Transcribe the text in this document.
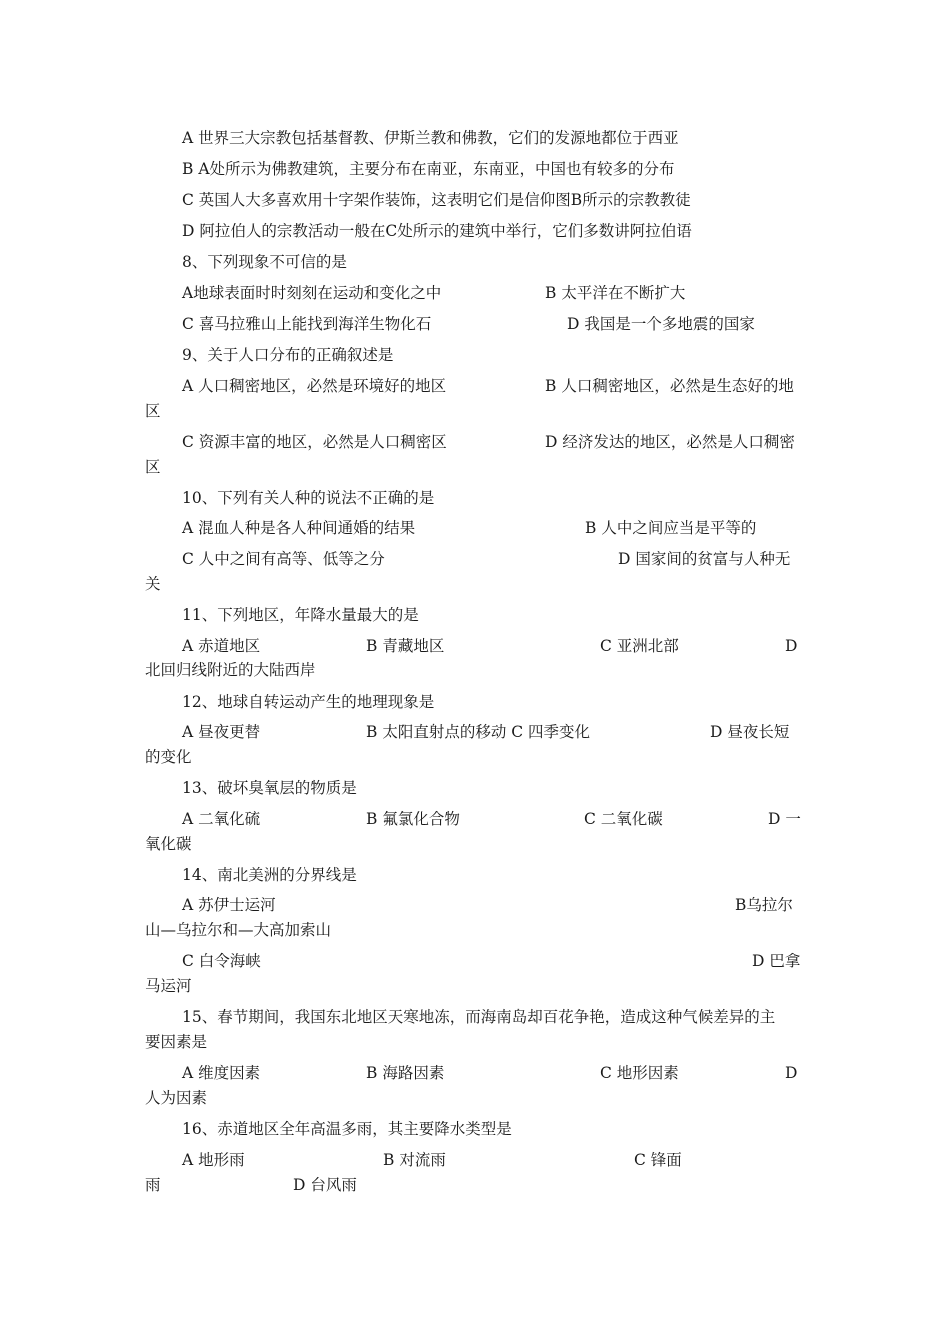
A 世界三大宗教包括基督教、伊斯兰教和佛教，它们的发源地都位于西亚
B A处所示为佛教建筑，主要分布在南亚，东南亚，中国也有较多的分布
C 英国人大多喜欢用十字架作装饰，这表明它们是信仰图B所示的宗教教徒
D 阿拉伯人的宗教活动一般在C处所示的建筑中举行，它们多数讲阿拉伯语
8、下列现象不可信的是
A地球表面时时刻刻在运动和变化之中	B 太平洋在不断扩大
C 喜马拉雅山上能找到海洋生物化石	D 我国是一个多地震的国家
9、关于人口分布的正确叙述是
A 人口稠密地区，必然是环境好的地区	B 人口稠密地区，必然是生态好的地
区
C 资源丰富的地区，必然是人口稠密区	D 经济发达的地区，必然是人口稠密
区
10、下列有关人种的说法不正确的是
A 混血人种是各人种间通婚的结果	B 人中之间应当是平等的
C 人中之间有高等、低等之分	D 国家间的贫富与人种无
关
11、下列地区，年降水量最大的是
A 赤道地区	B 青藏地区	C 亚洲北部	D
北回归线附近的大陆西岸
12、地球自转运动产生的地理现象是
A 昼夜更替	B 太阳直射点的移动 C 四季变化	D 昼夜长短
的变化
13、破坏臭氧层的物质是
A 二氧化硫	B 氟氯化合物	C 二氧化碳	D 一
氧化碳
14、南北美洲的分界线是
A 苏伊士运河	B乌拉尔
山—乌拉尔和—大高加索山
C 白令海峡	D 巴拿
马运河
15、春节期间，我国东北地区天寒地冻，而海南岛却百花争艳，造成这种气候差异的主
要因素是
A 维度因素	B 海路因素	C 地形因素	D
人为因素
16、赤道地区全年高温多雨，其主要降水类型是
A 地形雨	B 对流雨	C 锋面
雨	D 台风雨
